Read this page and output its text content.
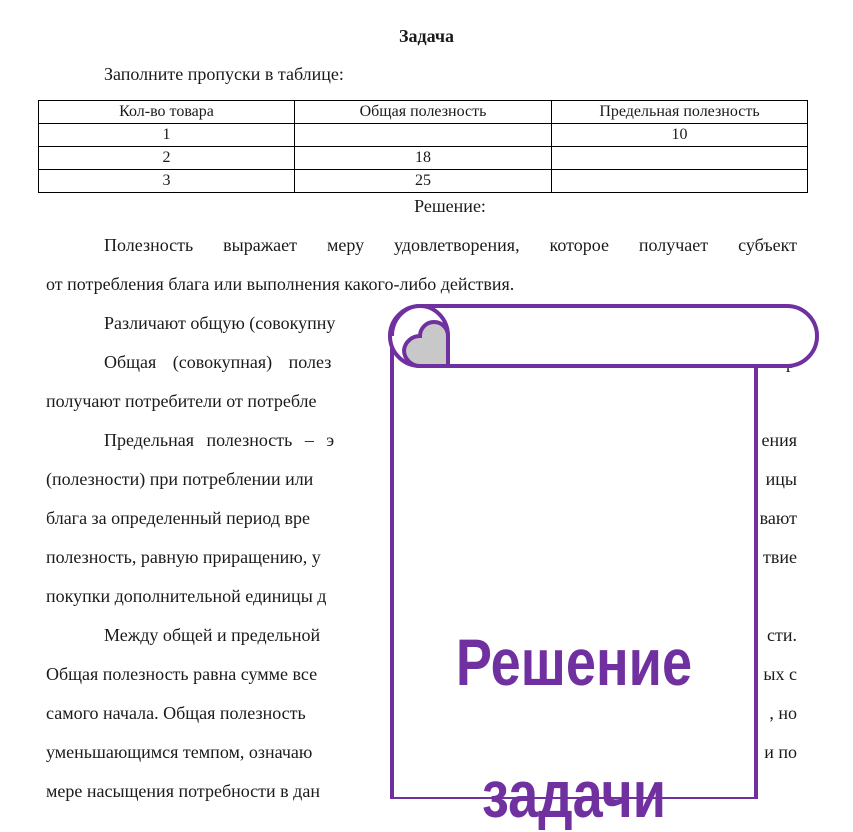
Задача
Заполните пропуски в таблице:
Кол-во товара	Общая полезность	Предельная полезность
1		10
2	18	
3	25	
Решение:
Полезность выражает меру удовлетворения, которое получает субъект
от потребления блага или выполнения какого-либо действия.
Различают общую (совокупну
Общая (совокупная) полез
получают потребители от потребле
Предельная полезность – э
(полезности) при потреблении или
блага за определенный период вре
полезность, равную приращению, у
покупки дополнительной единицы д
Между общей и предельной
Общая полезность равна сумме все
самого начала. Общая полезность
уменьшающимся темпом, означаю
мере насыщения потребности в дан
ения
ицы
вают
твие
сти.
ых с
, но
и по
Решение
задачи
